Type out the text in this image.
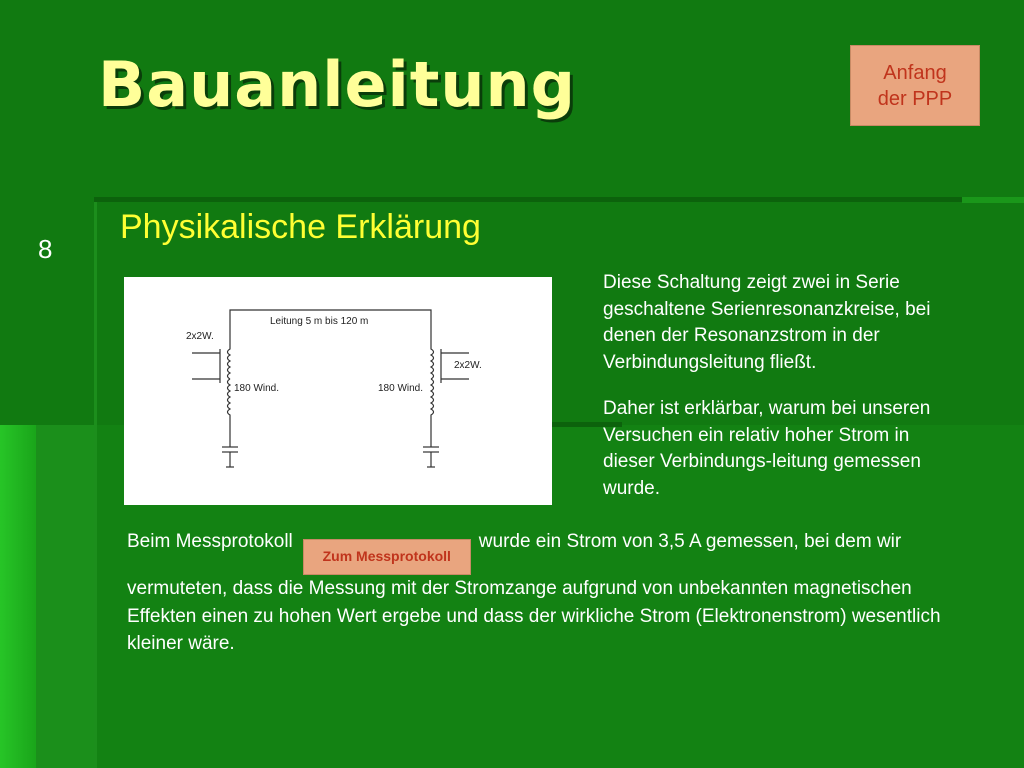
Bauanleitung	Anfang
der PPP
8
Physikalische Erklärung
Leitung 5 m bis 120 m
2x2W.
2x2W.
180 Wind.	180 Wind.

Diese Schaltung zeigt zwei in Serie geschaltene Serienresonanzkreise, bei denen der Resonanzstrom in der Verbindungsleitung fließt.

Daher ist erklärbar, warum bei unseren Versuchen ein relativ hoher Strom in dieser Verbindungs-leitung gemessen wurde.

Beim MessprotokollZum Messprotokollwurde ein Strom von 3,5 A gemessen, bei dem wir vermuteten, dass die Messung mit der Stromzange aufgrund von unbekannten magnetischen Effekten einen zu hohen Wert ergebe und dass der wirkliche Strom (Elektronenstrom) wesentlich kleiner wäre.
